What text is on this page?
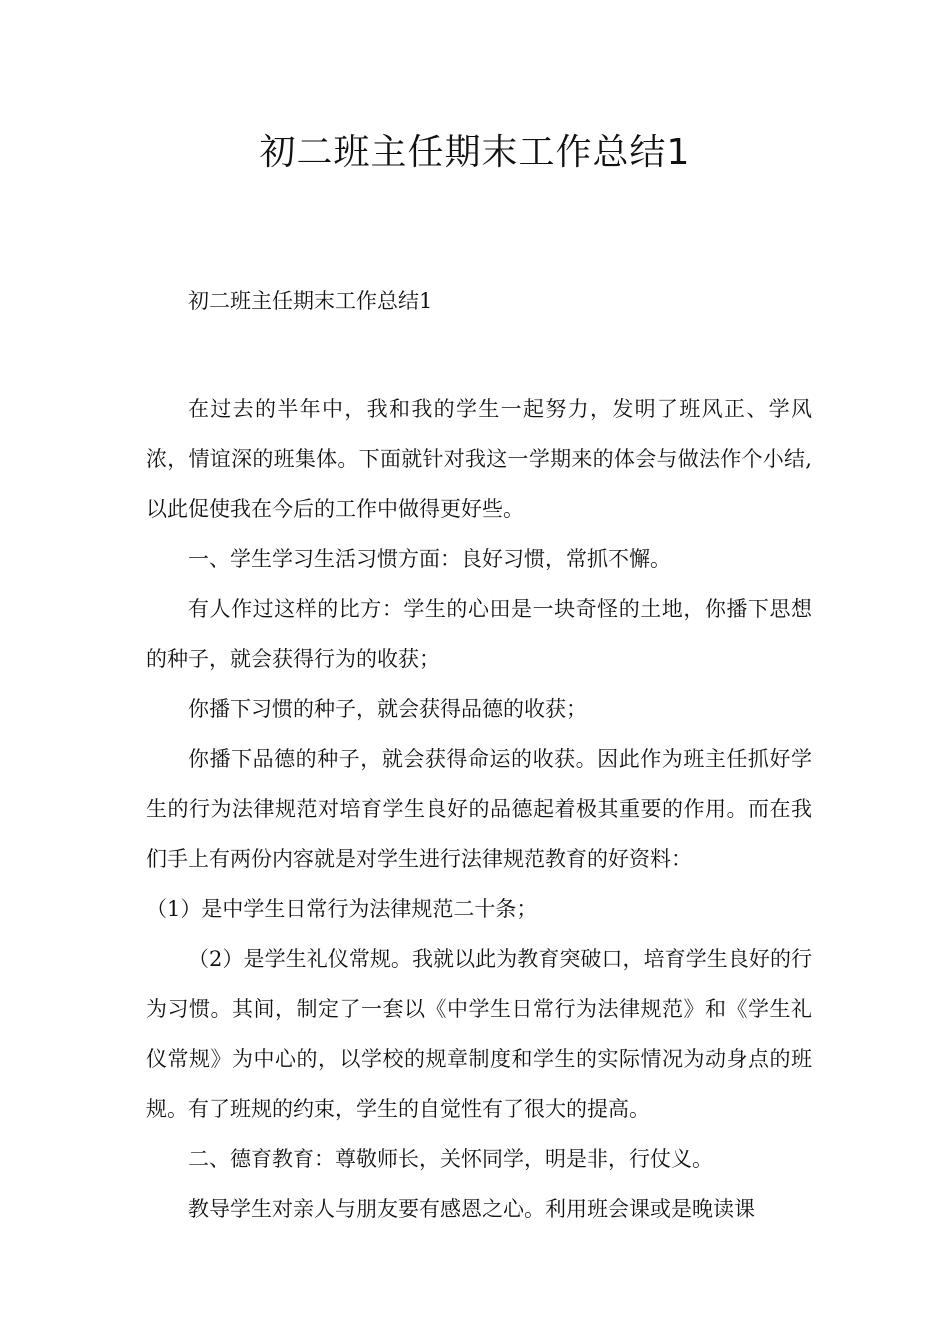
初二班主任期末工作总结1

初二班主任期末工作总结1

在过去的半年中，我和我的学生一起努力，发明了班风正、学风浓，情谊深的班集体。下面就针对我这一学期来的体会与做法作个小结,以此促使我在今后的工作中做得更好些。

一、学生学习生活习惯方面：良好习惯，常抓不懈。

有人作过这样的比方：学生的心田是一块奇怪的土地，你播下思想的种子，就会获得行为的收获；

你播下习惯的种子，就会获得品德的收获；

你播下品德的种子，就会获得命运的收获。因此作为班主任抓好学生的行为法律规范对培育学生良好的品德起着极其重要的作用。而在我们手上有两份内容就是对学生进行法律规范教育的好资料：

（1）是中学生日常行为法律规范二十条；

（2）是学生礼仪常规。我就以此为教育突破口，培育学生良好的行为习惯。其间，制定了一套以《中学生日常行为法律规范》和《学生礼仪常规》为中心的，以学校的规章制度和学生的实际情况为动身点的班规。有了班规的约束，学生的自觉性有了很大的提高。

二、德育教育：尊敬师长，关怀同学，明是非，行仗义。

教导学生对亲人与朋友要有感恩之心。利用班会课或是晚读课
